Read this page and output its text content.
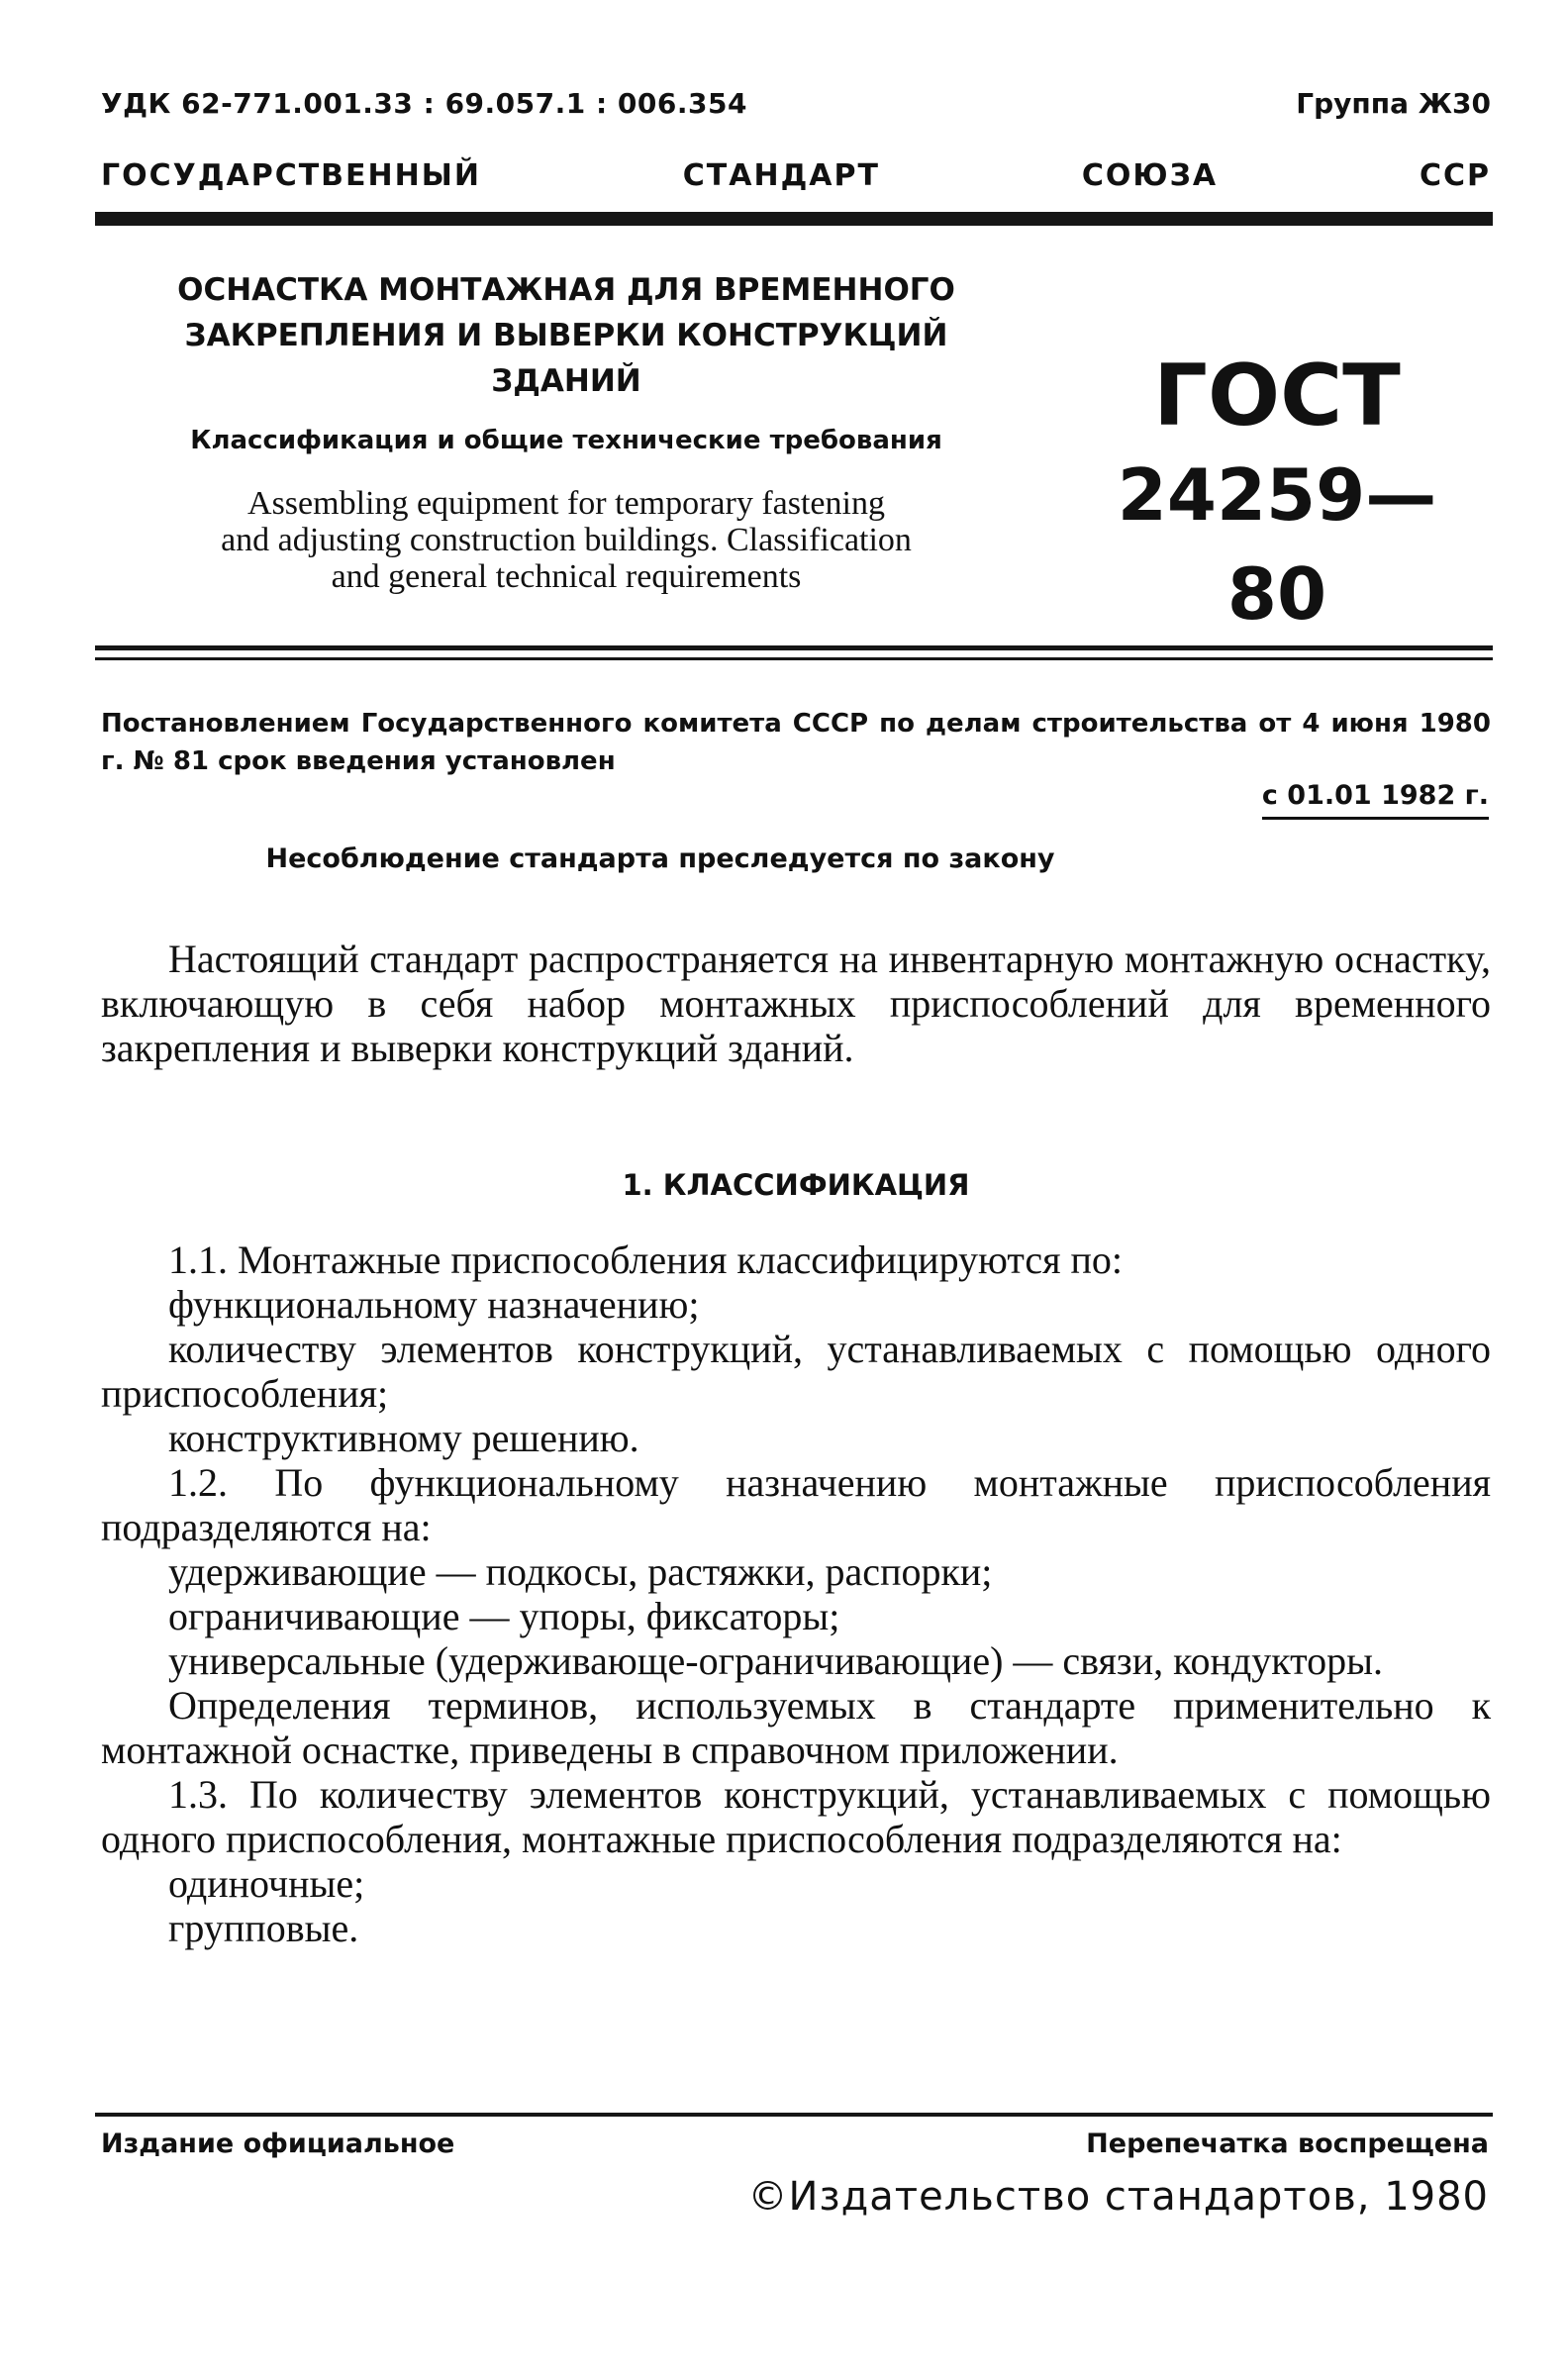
УДК 62-771.001.33 : 69.057.1 : 006.354	Группа Ж30
ГОСУДАРСТВЕННЫЙ	СТАНДАРТ	СОЮЗА	ССР
ОСНАСТКА МОНТАЖНАЯ ДЛЯ ВРЕМЕННОГО
ЗАКРЕПЛЕНИЯ И ВЫВЕРКИ КОНСТРУКЦИЙ
ЗДАНИЙ
Классификация и общие технические требования
Assembling equipment for temporary fastening
and adjusting construction buildings. Classification
and general technical requirements
ГОСТ
24259—80
Постановлением Государственного комитета СССР по делам строительства от 4 июня 1980 г. № 81 срок введения установлен
с 01.01 1982 г.
Несоблюдение стандарта преследуется по закону

Настоящий стандарт распространяется на инвентарную монтажную оснастку, включающую в себя набор монтажных приспособлений для временного закрепления и выверки конструкций зданий.

1. КЛАССИФИКАЦИЯ

1.1. Монтажные приспособления классифицируются по:

функциональному назначению;

количеству элементов конструкций, устанавливаемых с помощью одного приспособления;

конструктивному решению.

1.2. По функциональному назначению монтажные приспособления подразделяются на:

удерживающие — подкосы, растяжки, распорки;

ограничивающие — упоры, фиксаторы;

универсальные (удерживающе-ограничивающие) — связи, кондукторы.

Определения терминов, используемых в стандарте применительно к монтажной оснастке, приведены в справочном приложении.

1.3. По количеству элементов конструкций, устанавливаемых с помощью одного приспособления, монтажные приспособления подразделяются на:

одиночные;

групповые.

Издание официальное	Перепечатка воспрещена
©Издательство стандартов, 1980
